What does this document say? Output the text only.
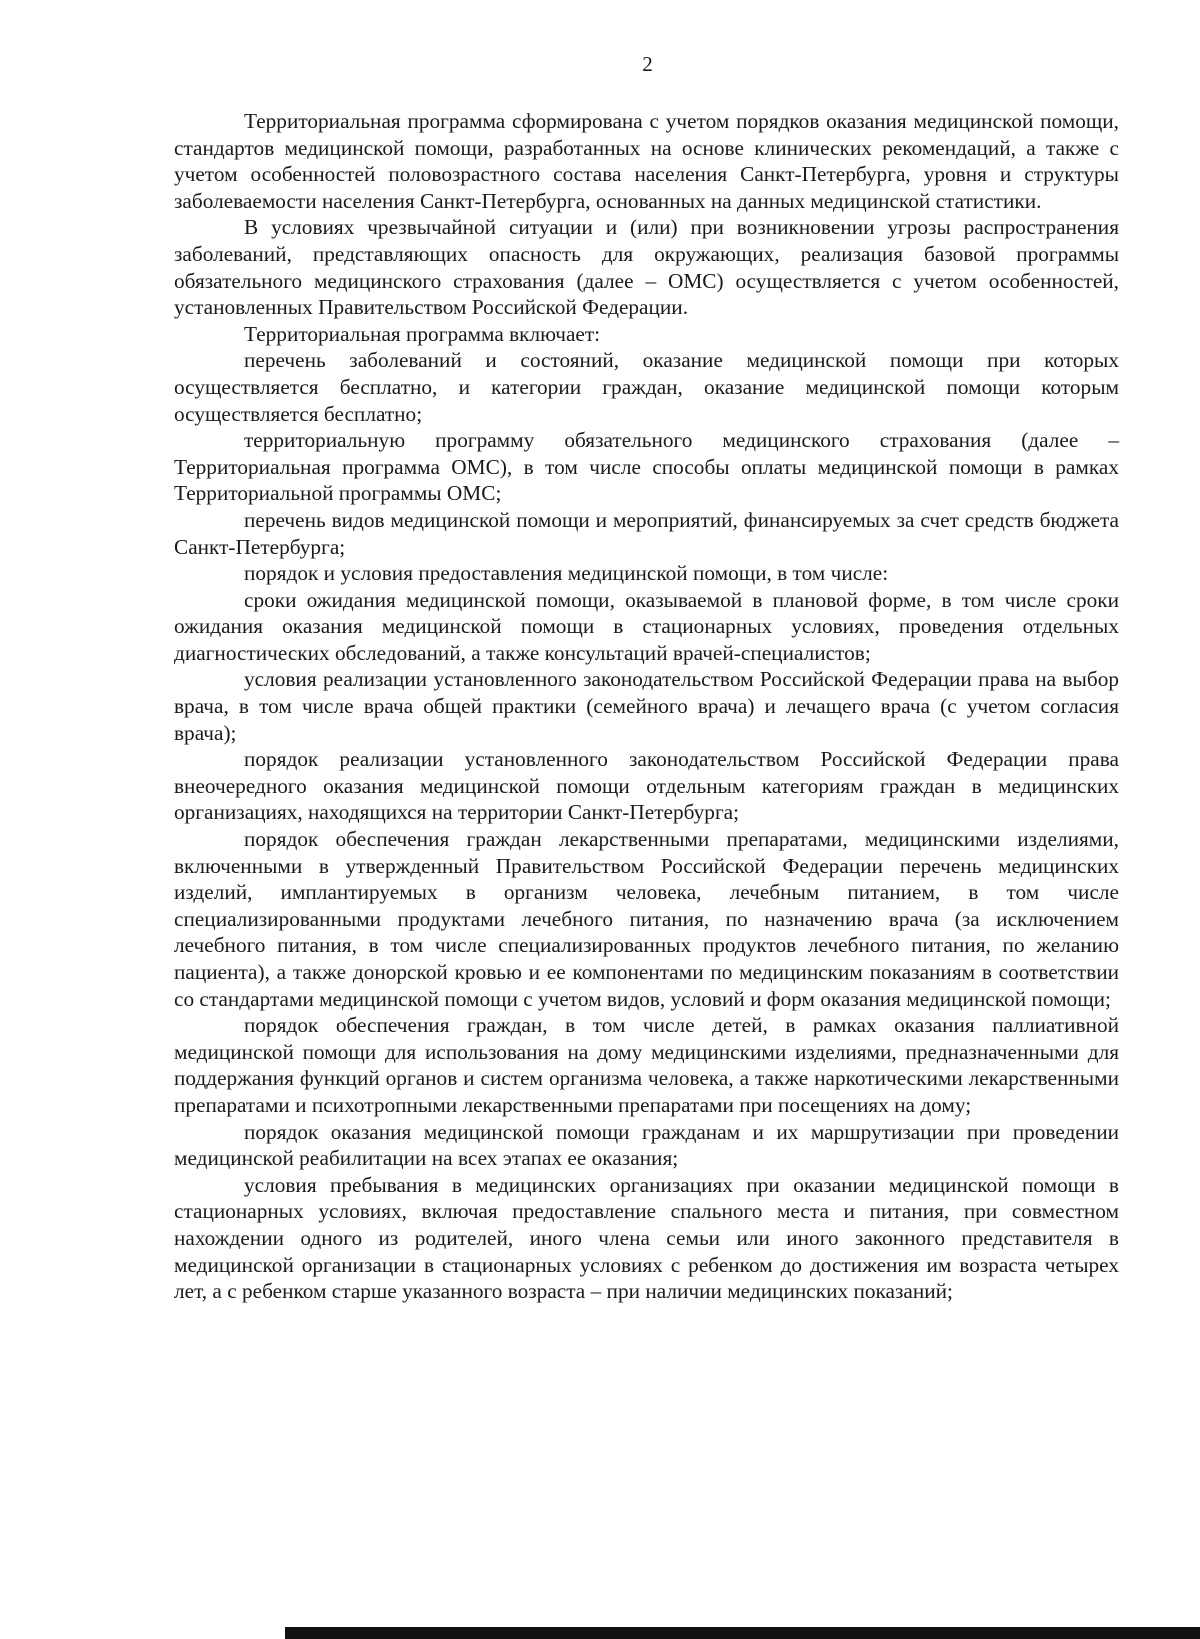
2

Территориальная программа сформирована с учетом порядков оказания медицинской помощи, стандартов медицинской помощи, разработанных на основе клинических рекомендаций, а также с учетом особенностей половозрастного состава населения Санкт-Петербурга, уровня и структуры заболеваемости населения Санкт-Петербурга, основанных на данных медицинской статистики.

В условиях чрезвычайной ситуации и (или) при возникновении угрозы распространения заболеваний, представляющих опасность для окружающих, реализация базовой программы обязательного медицинского страхования (далее – ОМС) осуществляется с учетом особенностей, установленных Правительством Российской Федерации.

Территориальная программа включает:

перечень заболеваний и состояний, оказание медицинской помощи при которых осуществляется бесплатно, и категории граждан, оказание медицинской помощи которым осуществляется бесплатно;

территориальную программу обязательного медицинского страхования (далее – Территориальная программа ОМС), в том числе способы оплаты медицинской помощи в рамках Территориальной программы ОМС;

перечень видов медицинской помощи и мероприятий, финансируемых за счет средств бюджета Санкт-Петербурга;

порядок и условия предоставления медицинской помощи, в том числе:

сроки ожидания медицинской помощи, оказываемой в плановой форме, в том числе сроки ожидания оказания медицинской помощи в стационарных условиях, проведения отдельных диагностических обследований, а также консультаций врачей-специалистов;

условия реализации установленного законодательством Российской Федерации права на выбор врача, в том числе врача общей практики (семейного врача) и лечащего врача (с учетом согласия врача);

порядок реализации установленного законодательством Российской Федерации права внеочередного оказания медицинской помощи отдельным категориям граждан в медицинских организациях, находящихся на территории Санкт-Петербурга;

порядок обеспечения граждан лекарственными препаратами, медицинскими изделиями, включенными в утвержденный Правительством Российской Федерации перечень медицинских изделий, имплантируемых в организм человека, лечебным питанием, в том числе специализированными продуктами лечебного питания, по назначению врача (за исключением лечебного питания, в том числе специализированных продуктов лечебного питания, по желанию пациента), а также донорской кровью и ее компонентами по медицинским показаниям в соответствии со стандартами медицинской помощи с учетом видов, условий и форм оказания медицинской помощи;

порядок обеспечения граждан, в том числе детей, в рамках оказания паллиативной медицинской помощи для использования на дому медицинскими изделиями, предназначенными для поддержания функций органов и систем организма человека, а также наркотическими лекарственными препаратами и психотропными лекарственными препаратами при посещениях на дому;

порядок оказания медицинской помощи гражданам и их маршрутизации при проведении медицинской реабилитации на всех этапах ее оказания;

условия пребывания в медицинских организациях при оказании медицинской помощи в стационарных условиях, включая предоставление спального места и питания, при совместном нахождении одного из родителей, иного члена семьи или иного законного представителя в медицинской организации в стационарных условиях с ребенком до достижения им возраста четырех лет, а с ребенком старше указанного возраста – при наличии медицинских показаний;
